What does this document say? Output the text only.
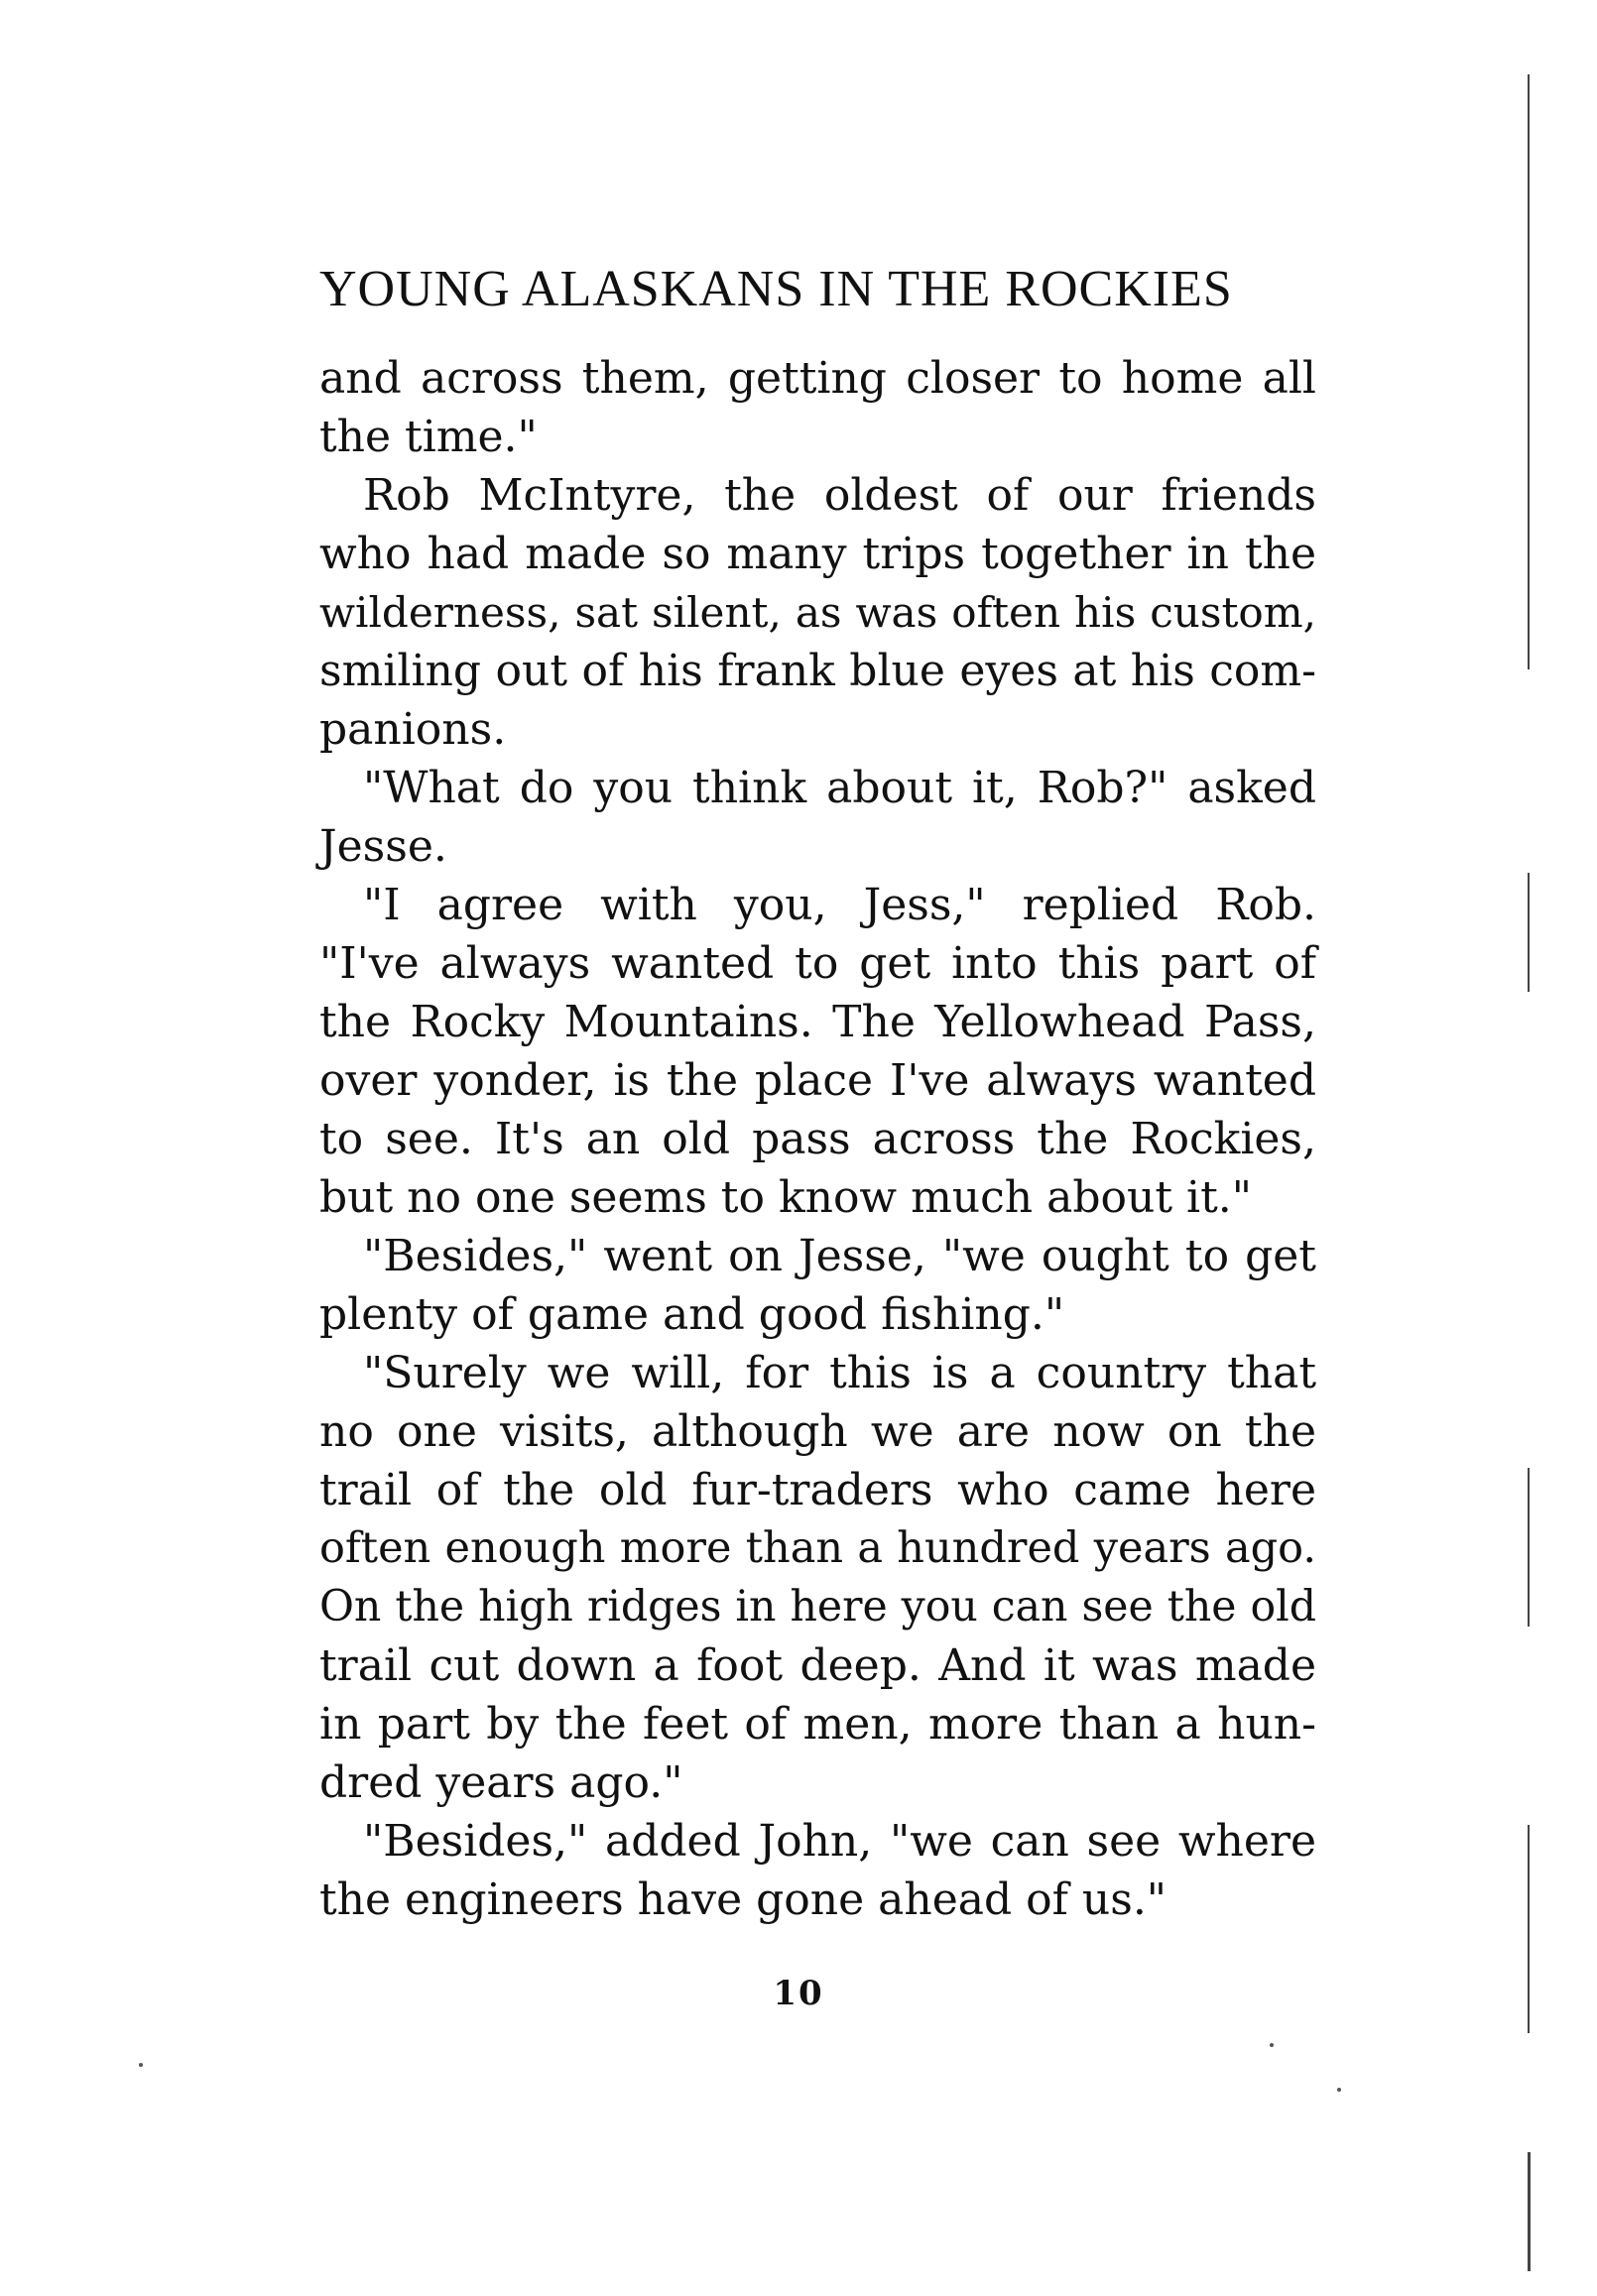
YOUNG ALASKANS IN THE ROCKIES
and across them, getting closer to home all
the time."
Rob McIntyre, the oldest of our friends
who had made so many trips together in the
wilderness, sat silent, as was often his custom,
smiling out of his frank blue eyes at his com-
panions.
"What do you think about it, Rob?" asked
Jesse.
"I agree with you, Jess," replied Rob.
"I've always wanted to get into this part of
the Rocky Mountains. The Yellowhead Pass,
over yonder, is the place I've always wanted
to see. It's an old pass across the Rockies,
but no one seems to know much about it."
"Besides," went on Jesse, "we ought to get
plenty of game and good fishing."
"Surely we will, for this is a country that
no one visits, although we are now on the
trail of the old fur-traders who came here
often enough more than a hundred years ago.
On the high ridges in here you can see the old
trail cut down a foot deep. And it was made
in part by the feet of men, more than a hun-
dred years ago."
"Besides," added John, "we can see where
the engineers have gone ahead of us."
10
